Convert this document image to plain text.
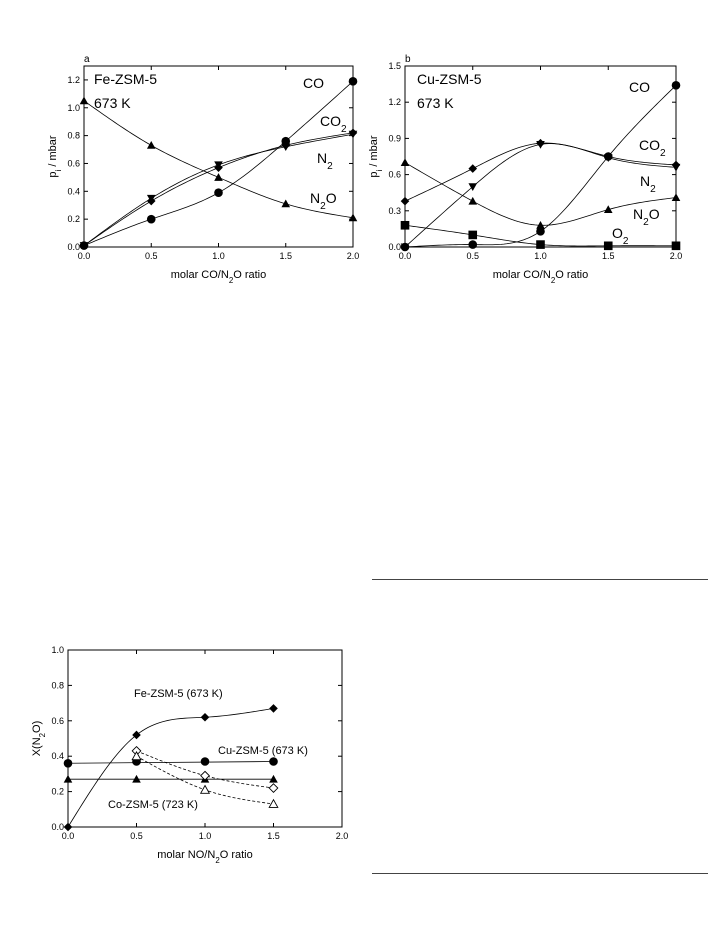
0.0	0.5	1.0	1.5	2.0
0.0
0.2
0.4
0.6
0.8
1.0
1.2
molar $CO/N_2O$ ratio
$p_i$ / mbar
a
Fe-ZSM-5
673 K
CO
$CO_2$
$N_2$
$N_2O$
0.0	0.5	1.0	1.5	2.0
0.0
0.3
0.6
0.9
1.2
1.5
molar $CO/N_2O$ ratio
$p_i$ / mbar
b
Cu-ZSM-5
673 K
CO
$CO_2$
$N_2$
$N_2O$
$O_2$
0.0	0.5	1.0	1.5	2.0
0.0
0.2
0.4
0.6
0.8
1.0
molar $NO/N_2O$ ratio
$X(N_2O)$
Fe-ZSM-5 (673 K)
Cu-ZSM-5 (673 K)
Co-ZSM-5 (723 K)
